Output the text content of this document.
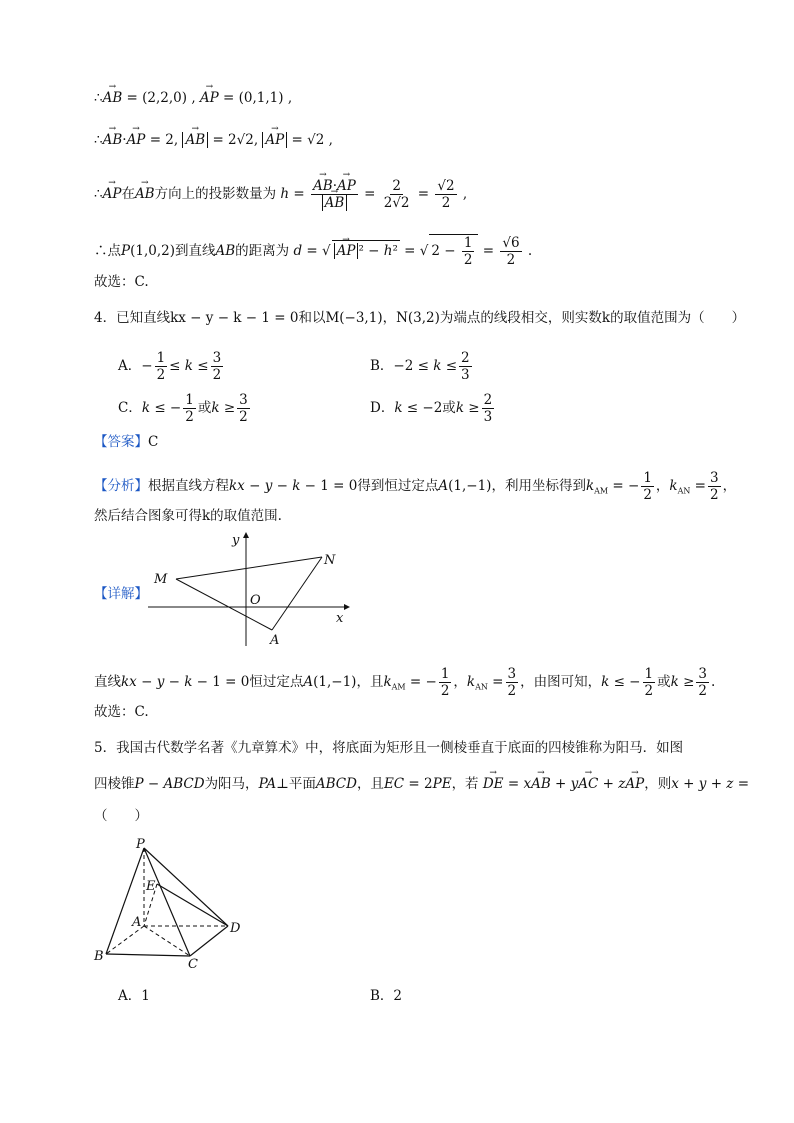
∴→ AB = (2,2,0) , → AP = (0,1,1) ,
∴→ AB·→ AP = 2, → AB = 2√2, → AP = √2 ,
∴→ AP在→ AB方向上的投影数量为 h = → AB·→ AP
→ AB = $\frac{2}{2√2} = \frac{√2}{2}$ ,
∴点P(1,0,2)到直线AB的距离为 d = √ → AP ² − h² = √ $2 - \frac{1}{2} = \frac{√6}{2}$ .
故选：C.
4．已知直线kx − y − k − 1 = 0和以M(−3,1)，N(3,2)为端点的线段相交，则实数k的取值范围为（　　）
A．− $\frac{1}{2} \le k \le \frac{3}{2}$	B．$-2 \le k \le \frac{2}{3}$
C．k ≤ − $\frac{1}{2}$ 或$k \ge \frac{3}{2}$	D．k ≤ −2或$k \ge \frac{2}{3}$
【答案】C
【分析】根据直线方程kx − y − k − 1 = 0得到恒过定点A(1,−1)，利用坐标得到$k_{AM}$ = − $\frac{1}{2}$ ，$k_{AN} = \frac{3}{2}$ ，
然后结合图象可得k的取值范围.
【详解】
y
x
O
M
N
A
直线kx − y − k − 1 = 0恒过定点A(1,−1)，且$k_{AM}$ = − $\frac{1}{2}$ ，$k_{AN} = \frac{3}{2}$ ，由图可知，k ≤ − $\frac{1}{2}$ 或$k \ge \frac{3}{2}$ .
故选：C.
5．我国古代数学名著《九章算术》中，将底面为矩形且一侧棱垂直于底面的四棱锥称为阳马．如图
四棱锥P − ABCD为阳马，PA⊥平面ABCD，且EC = 2PE，若 → DE = x→ AB + y→ AC + z→ AP，则x + y + z =
（　　）
P
E
A
B
C
D
A．1	B．2
